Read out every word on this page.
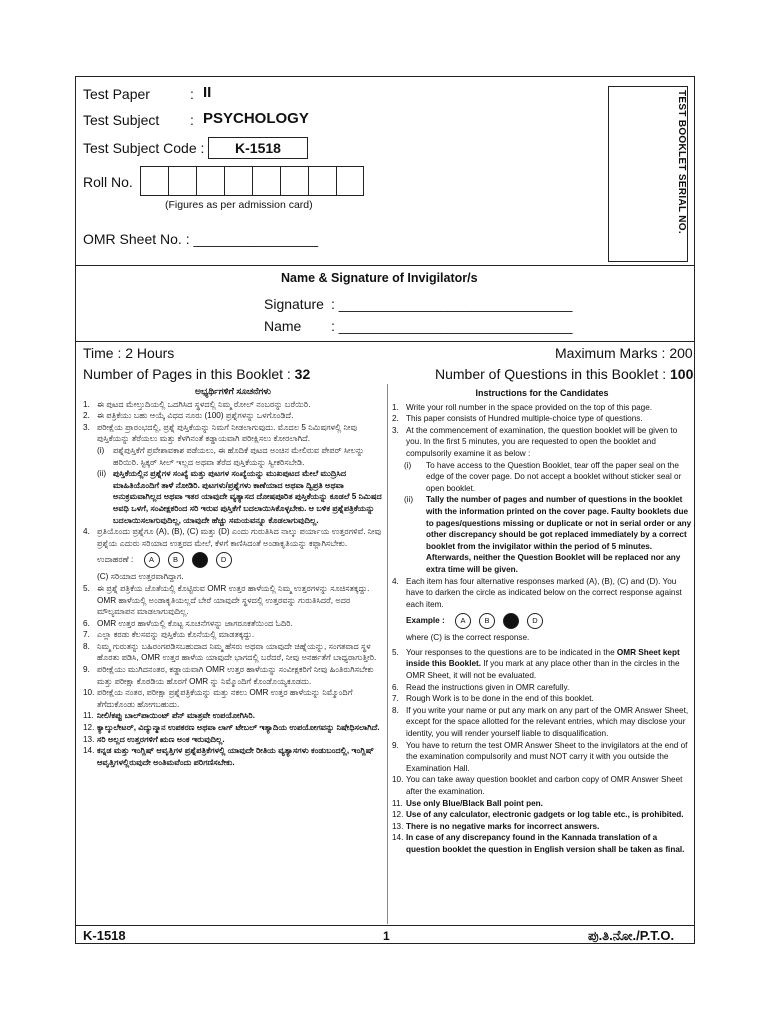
TEST BOOKLET SERIAL NO.
Test Paper	: II
Test Subject : PSYCHOLOGY
Test Subject Code :	K-1518
Roll No.
(Figures as per admission card)
OMR Sheet No. : ________________
Name & Signature of Invigilator/s
Signature : ______________________________
Name : ______________________________
Time : 2 Hours	Maximum Marks : 200
Number of Pages in this Booklet : 32	Number of Questions in this Booklet : 100
ಅಭ್ಯರ್ಥಿಗಳಿಗೆ ಸೂಚನೆಗಳು
1. ಈ ಪುಟದ ಮೇಲ್ತುದಿಯಲ್ಲಿ ಒದಗಿಸಿದ ಸ್ಥಳದಲ್ಲಿ ನಿಮ್ಮ ರೋಲ್ ನಂಬರನ್ನು ಬರೆಯಿರಿ.
2. ಈ ಪತ್ರಿಕೆಯು ಬಹು ಆಯ್ಕೆ ವಿಧದ ನೂರು (100) ಪ್ರಶ್ನೆಗಳನ್ನು ಒಳಗೊಂಡಿದೆ.
3. ಪರೀಕ್ಷೆಯ ಪ್ರಾರಂಭದಲ್ಲಿ, ಪ್ರಶ್ನೆ ಪುಸ್ತಿಕೆಯನ್ನು ನಿಮಗೆ ನೀಡಲಾಗುವುದು. ಮೊದಲ 5 ನಿಮಿಷಗಳಲ್ಲಿ ನೀವು ಪುಸ್ತಿಕೆಯನ್ನು ತೆರೆಯಲು ಮತ್ತು ಕೆಳಗಿನಂತೆ ಕಡ್ಡಾಯವಾಗಿ ಪರೀಕ್ಷಿಸಲು ಕೋರಲಾಗಿದೆ.
(i) ಪಶ್ನೆಪುಸ್ತಿಕೆಗೆ ಪ್ರವೇಶಾವಕಾಶ ಪಡೆಯಲು, ಈ ಹೊದಿಕೆ ಪುಟದ ಅಂಚಿನ ಮೇಲಿರುವ ಪೇಪರ್ ಸೀಲನ್ನು ಹರಿಯಿರಿ. ಸ್ಟಿಕ್ಕರ್ ಸೀಲ್ ಇಲ್ಲದ ಅಥವಾ ತೆರೆದ ಪುಸ್ತಿಕೆಯನ್ನು ಸ್ವೀಕರಿಸಬೇಡಿ.
(ii) ಪುಸ್ತಿಕೆಯಲ್ಲಿನ ಪ್ರಶ್ನೆಗಳ ಸಂಖ್ಯೆ ಮತ್ತು ಪುಟಗಳ ಸಂಖ್ಯೆಯನ್ನು ಮುಖಪುಟದ ಮೇಲೆ ಮುದ್ರಿಸಿದ ಮಾಹಿತಿಯೊಂದಿಗೆ ತಾಳೆ ನೋಡಿರಿ. ಪುಟಗಳು/ಪ್ರಶ್ನೆಗಳು ಕಾಣೆಯಾದ ಅಥವಾ ದ್ವಿಪ್ರತಿ ಅಥವಾ ಅನುಕ್ರಮವಾಗಿಲ್ಲದ ಅಥವಾ ಇತರ ಯಾವುದೇ ವ್ಯತ್ಯಾಸದ ದೋಷಪೂರಿತ ಪುಸ್ತಿಕೆಯನ್ನು ಕೂಡಲೆ 5 ನಿಮಿಷದ ಅವಧಿ ಒಳಗೆ, ಸಂವೀಕ್ಷಕರಿಂದ ಸರಿ ಇರುವ ಪುಸ್ತಿಕೆಗೆ ಬದಲಾಯಿಸಿಕೊಳ್ಳಬೇಕು. ಆ ಬಳಿಕ ಪ್ರಶ್ನೆಪತ್ರಿಕೆಯನ್ನು ಬದಲಾಯಿಸಲಾಗುವುದಿಲ್ಲ, ಯಾವುದೇ ಹೆಚ್ಚು ಸಮಯವನ್ನೂ ಕೊಡಲಾಗುವುದಿಲ್ಲ.
4. ಪ್ರತಿಯೊಂದು ಪ್ರಶ್ನೆಗೂ (A), (B), (C) ಮತ್ತು (D) ಎಂದು ಗುರುತಿಸಿದ ನಾಲ್ಕು ಪರ್ಯಾಯ ಉತ್ತರಗಳಿವೆ. ನೀವು ಪ್ರಶ್ನೆಯ ಎದುರು ಸರಿಯಾದ ಉತ್ತರದ ಮೇಲೆ, ಕೆಳಗೆ ಕಾಣಿಸಿದಂತೆ ಅಂಡಾಕೃತಿಯನ್ನು ಕಪ್ಪಾಗಿಸಬೇಕು.
ಉದಾಹರಣೆ : A	B	D
(C) ಸರಿಯಾದ ಉತ್ತರವಾಗಿದ್ದಾಗ.
5. ಈ ಪ್ರಶ್ನೆ ಪತ್ರಿಕೆಯ ಜೊತೆಯಲ್ಲಿ ಕೊಟ್ಟಿರುವ OMR ಉತ್ತರ ಹಾಳೆಯಲ್ಲಿ ನಿಮ್ಮ ಉತ್ತರಗಳನ್ನು ಸೂಚಿಸತಕ್ಕದ್ದು. OMR ಹಾಳೆಯಲ್ಲಿ ಅಂಡಾಕೃತಿಯಲ್ಲದೆ ಬೇರೆ ಯಾವುದೇ ಸ್ಥಳದಲ್ಲಿ ಉತ್ತರವನ್ನು ಗುರುತಿಸಿದರೆ, ಅದರ ಮೌಲ್ಯಮಾಪನ ಮಾಡಲಾಗುವುದಿಲ್ಲ.
6. OMR ಉತ್ತರ ಹಾಳೆಯಲ್ಲಿ ಕೊಟ್ಟ ಸೂಚನೆಗಳನ್ನು ಜಾಗರೂಕತೆಯಿಂದ ಓದಿರಿ.
7. ಎಲ್ಲಾ ಕರಡು ಕೆಲಸವನ್ನು ಪುಸ್ತಿಕೆಯ ಕೊನೆಯಲ್ಲಿ ಮಾಡತಕ್ಕದ್ದು.
8. ನಿಮ್ಮ ಗುರುತನ್ನು ಬಹಿರಂಗಪಡಿಸಬಹುದಾದ ನಿಮ್ಮ ಹೆಸರು ಅಥವಾ ಯಾವುದೇ ಚಿಹ್ನೆಯನ್ನು, ಸಂಗತವಾದ ಸ್ಥಳ ಹೊರತು ಪಡಿಸಿ, OMR ಉತ್ತರ ಹಾಳೆಯ ಯಾವುದೇ ಭಾಗದಲ್ಲಿ ಬರೆದರೆ, ನೀವು ಅನರ್ಹತೆಗೆ ಬಾಧ್ಯರಾಗುತ್ತೀರಿ.
9. ಪರೀಕ್ಷೆಯು ಮುಗಿದನಂತರ, ಕಡ್ಡಾಯವಾಗಿ OMR ಉತ್ತರ ಹಾಳೆಯನ್ನು ಸಂವೀಕ್ಷಕರಿಗೆ ನೀವು ಹಿಂತಿರುಗಿಸಬೇಕು ಮತ್ತು ಪರೀಕ್ಷಾ ಕೊಠಡಿಯ ಹೊರಗೆ OMR ನ್ನು ನಿಮ್ಮೊಂದಿಗೆ ಕೊಂಡೊಯ್ಯಕೂಡದು.
10. ಪರೀಕ್ಷೆಯ ನಂತರ, ಪರೀಕ್ಷಾ ಪ್ರಶ್ನೆಪತ್ರಿಕೆಯನ್ನು ಮತ್ತು ನಕಲು OMR ಉತ್ತರ ಹಾಳೆಯನ್ನು ನಿಮ್ಮೊಂದಿಗೆ ತೆಗೆದುಕೊಂಡು ಹೋಗಬಹುದು.
11. ನೀಲಿ/ಕಪ್ಪು ಬಾಲ್‌ಪಾಯಿಂಟ್ ಪೆನ್ ಮಾತ್ರವೇ ಉಪಯೋಗಿಸಿರಿ.
12. ಕ್ಯಾಲ್ಕುಲೇಟರ್, ವಿದ್ಯುನ್ಮಾನ ಉಪಕರಣ ಅಥವಾ ಲಾಗ್ ಟೇಬಲ್ ಇತ್ಯಾದಿಯ ಉಪಯೋಗವನ್ನು ನಿಷೇಧಿಸಲಾಗಿದೆ.
13. ಸರಿ ಅಲ್ಲದ ಉತ್ತರಗಳಿಗೆ ಋಣ ಅಂಕ ಇರುವುದಿಲ್ಲ.
14. ಕನ್ನಡ ಮತ್ತು ಇಂಗ್ಲಿಷ್ ಆವೃತ್ತಿಗಳ ಪ್ರಶ್ನೆಪತ್ರಿಕೆಗಳಲ್ಲಿ ಯಾವುದೇ ರೀತಿಯ ವ್ಯತ್ಯಾಸಗಳು ಕಂಡುಬಂದಲ್ಲಿ, ಇಂಗ್ಲಿಷ್ ಆವೃತ್ತಿಗಳಲ್ಲಿರುವುದೇ ಅಂತಿಮವೆಂದು ಪರಿಗಣಿಸಬೇಕು.
Instructions for the Candidates
1. Write your roll number in the space provided on the top of this page.
2. This paper consists of Hundred multiple-choice type of questions.
3. At the commencement of examination, the question booklet will be given to you. In the first 5 minutes, you are requested to open the booklet and compulsorily examine it as below :
(i) To have access to the Question Booklet, tear off the paper seal on the edge of the cover page. Do not accept a booklet without sticker seal or open booklet.
(ii) Tally the number of pages and number of questions in the booklet with the information printed on the cover page. Faulty booklets due to pages/questions missing or duplicate or not in serial order or any other discrepancy should be got replaced immediately by a correct booklet from the invigilator within the period of 5 minutes. Afterwards, neither the Question Booklet will be replaced nor any extra time will be given.
4. Each item has four alternative responses marked (A), (B), (C) and (D). You have to darken the circle as indicated below on the correct response against each item.
Example : A	B	D
where (C) is the correct response.
5. Your responses to the questions are to be indicated in the OMR Sheet kept inside this Booklet. If you mark at any place other than in the circles in the OMR Sheet, it will not be evaluated.
6. Read the instructions given in OMR carefully.
7. Rough Work is to be done in the end of this booklet.
8. If you write your name or put any mark on any part of the OMR Answer Sheet, except for the space allotted for the relevant entries, which may disclose your identity, you will render yourself liable to disqualification.
9. You have to return the test OMR Answer Sheet to the invigilators at the end of the examination compulsorily and must NOT carry it with you outside the Examination Hall.
10. You can take away question booklet and carbon copy of OMR Answer Sheet after the examination.
11. Use only Blue/Black Ball point pen.
12. Use of any calculator, electronic gadgets or log table etc., is prohibited.
13. There is no negative marks for incorrect answers.
14. In case of any discrepancy found in the Kannada translation of a question booklet the question in English version shall be taken as final.
K-1518	1	ಪು.ತಿ.ನೋ./P.T.O.
